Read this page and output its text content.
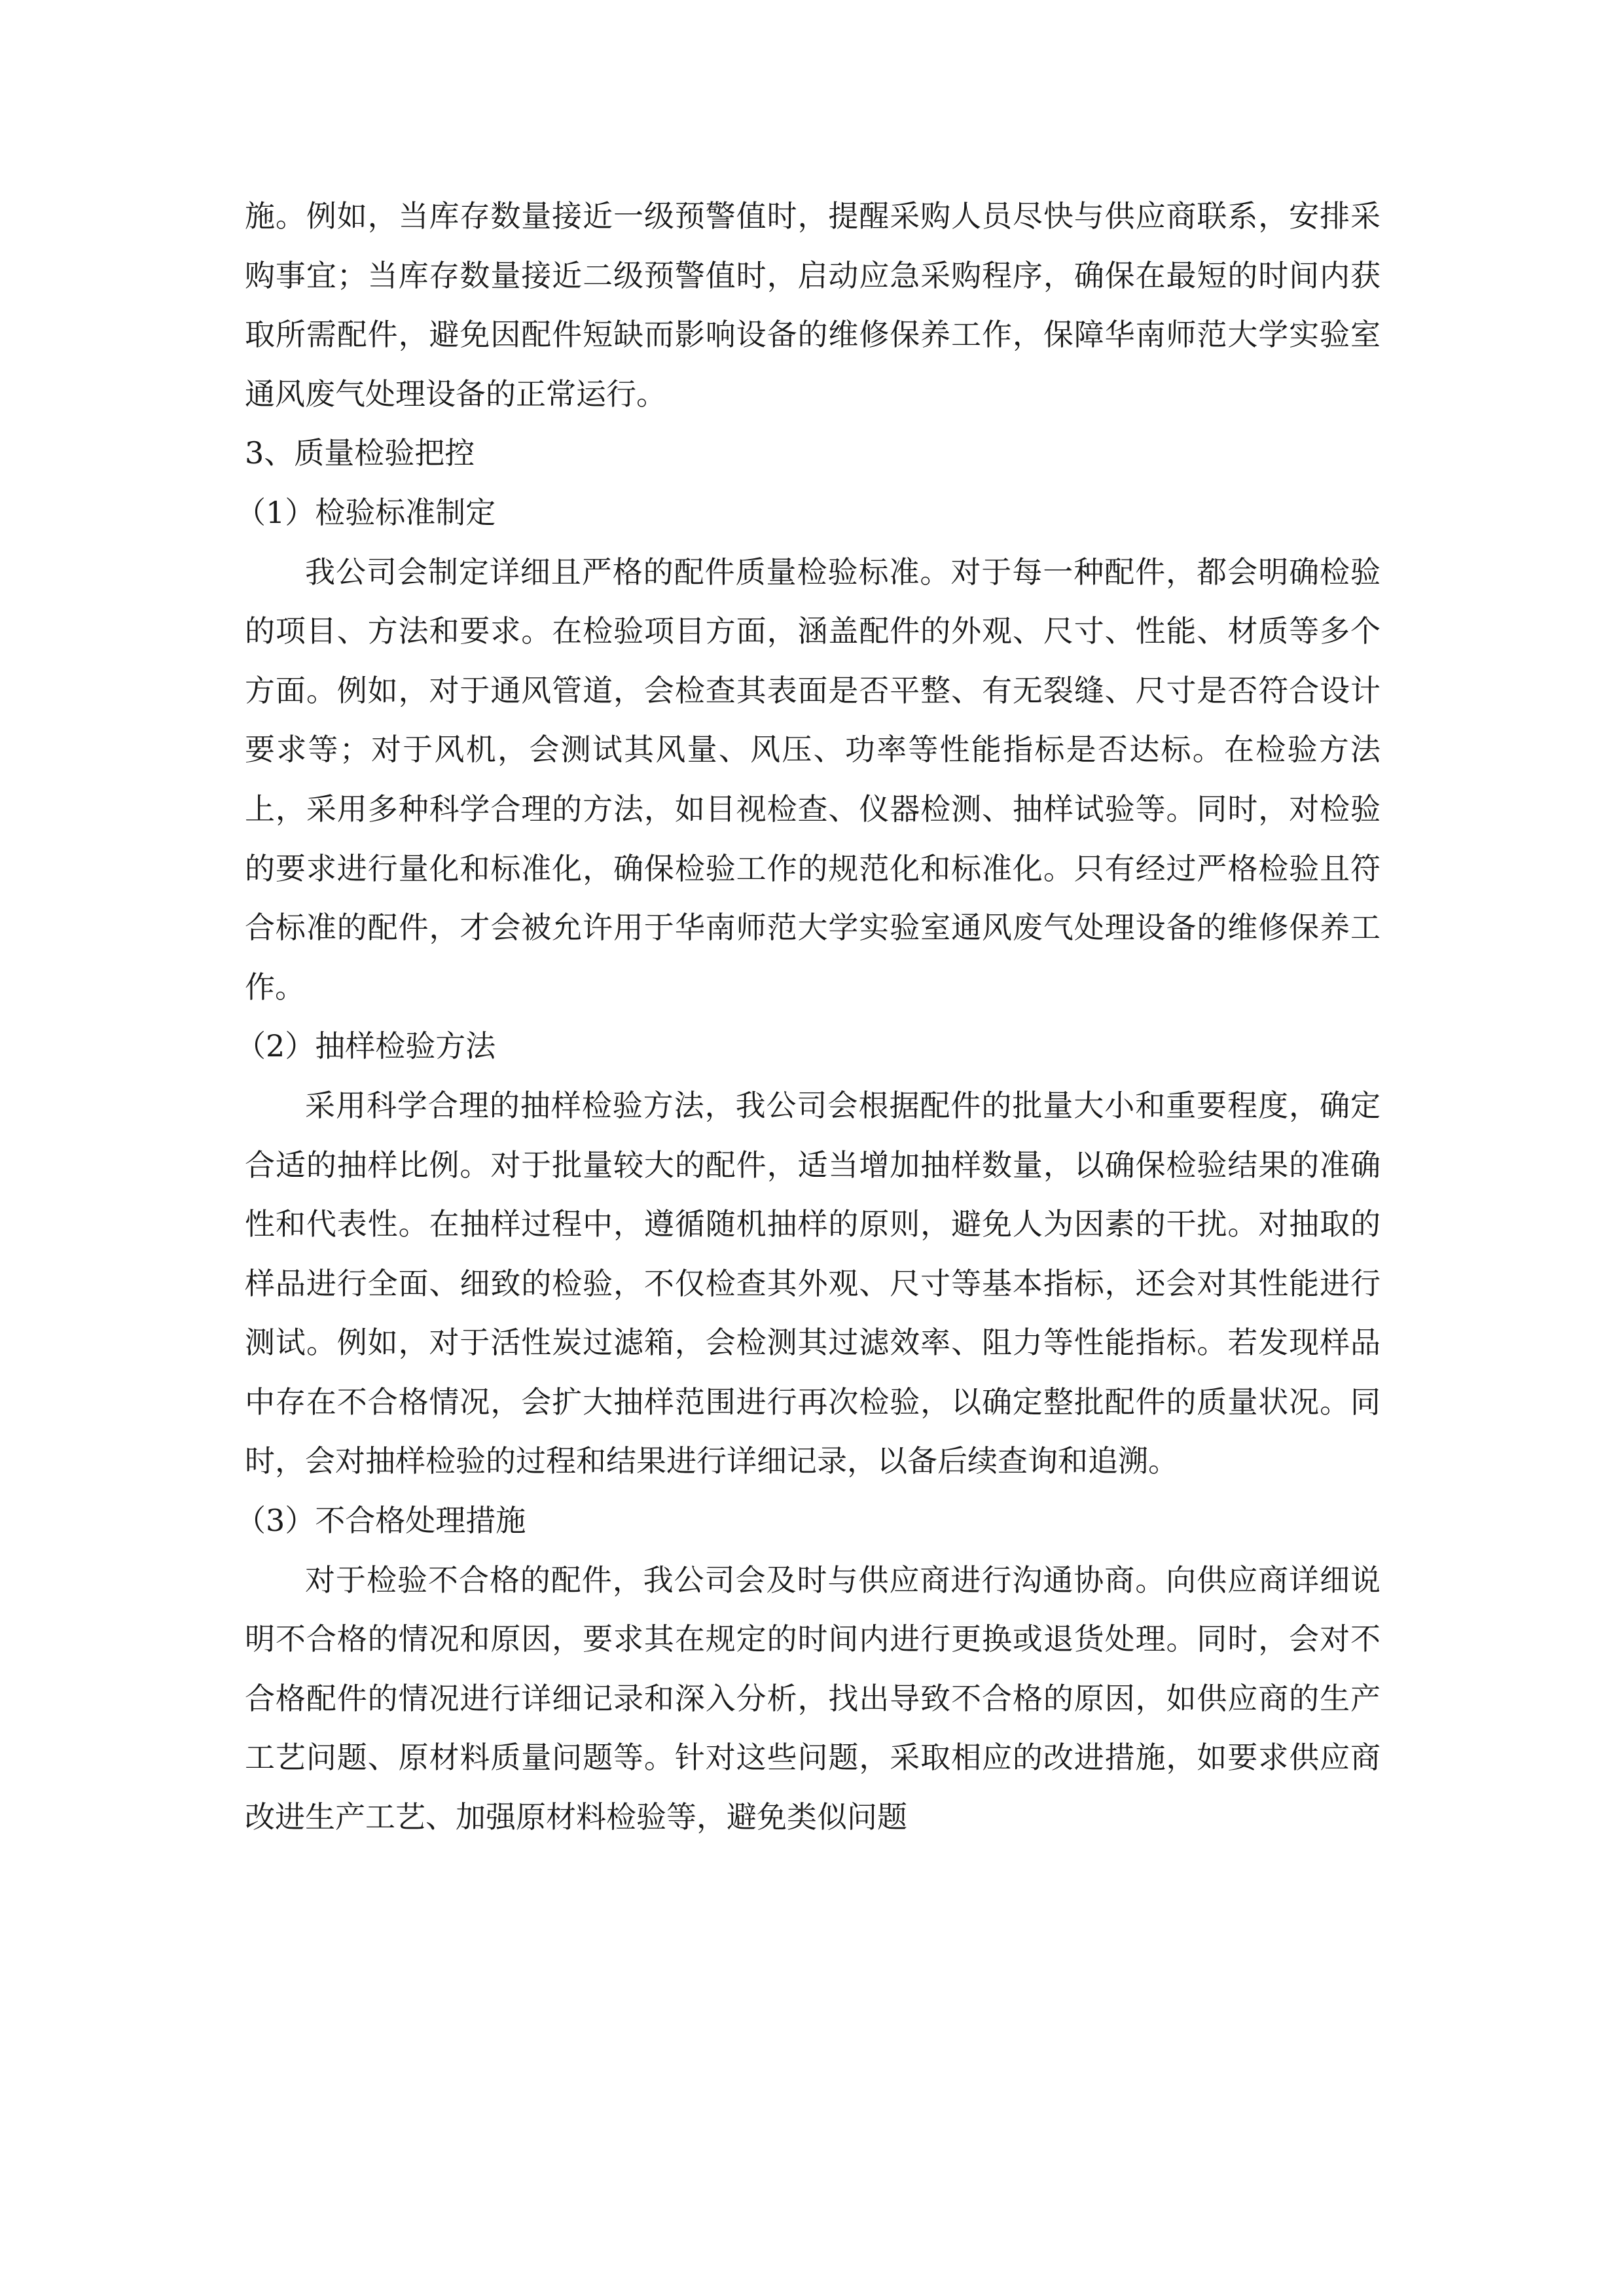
施。例如，当库存数量接近一级预警值时，提醒采购人员尽快与供应商联系，安排采购事宜；当库存数量接近二级预警值时，启动应急采购程序，确保在最短的时间内获取所需配件，避免因配件短缺而影响设备的维修保养工作，保障华南师范大学实验室通风废气处理设备的正常运行。

3、质量检验把控

（1）检验标准制定

我公司会制定详细且严格的配件质量检验标准。对于每一种配件，都会明确检验的项目、方法和要求。在检验项目方面，涵盖配件的外观、尺寸、性能、材质等多个方面。例如，对于通风管道，会检查其表面是否平整、有无裂缝、尺寸是否符合设计要求等；对于风机，会测试其风量、风压、功率等性能指标是否达标。在检验方法上，采用多种科学合理的方法，如目视检查、仪器检测、抽样试验等。同时，对检验的要求进行量化和标准化，确保检验工作的规范化和标准化。只有经过严格检验且符合标准的配件，才会被允许用于华南师范大学实验室通风废气处理设备的维修保养工作。

（2）抽样检验方法

采用科学合理的抽样检验方法，我公司会根据配件的批量大小和重要程度，确定合适的抽样比例。对于批量较大的配件，适当增加抽样数量，以确保检验结果的准确性和代表性。在抽样过程中，遵循随机抽样的原则，避免人为因素的干扰。对抽取的样品进行全面、细致的检验，不仅检查其外观、尺寸等基本指标，还会对其性能进行测试。例如，对于活性炭过滤箱，会检测其过滤效率、阻力等性能指标。若发现样品中存在不合格情况，会扩大抽样范围进行再次检验，以确定整批配件的质量状况。同时，会对抽样检验的过程和结果进行详细记录，以备后续查询和追溯。

（3）不合格处理措施

对于检验不合格的配件，我公司会及时与供应商进行沟通协商。向供应商详细说明不合格的情况和原因，要求其在规定的时间内进行更换或退货处理。同时，会对不合格配件的情况进行详细记录和深入分析，找出导致不合格的原因，如供应商的生产工艺问题、原材料质量问题等。针对这些问题，采取相应的改进措施，如要求供应商改进生产工艺、加强原材料检验等，避免类似问题
